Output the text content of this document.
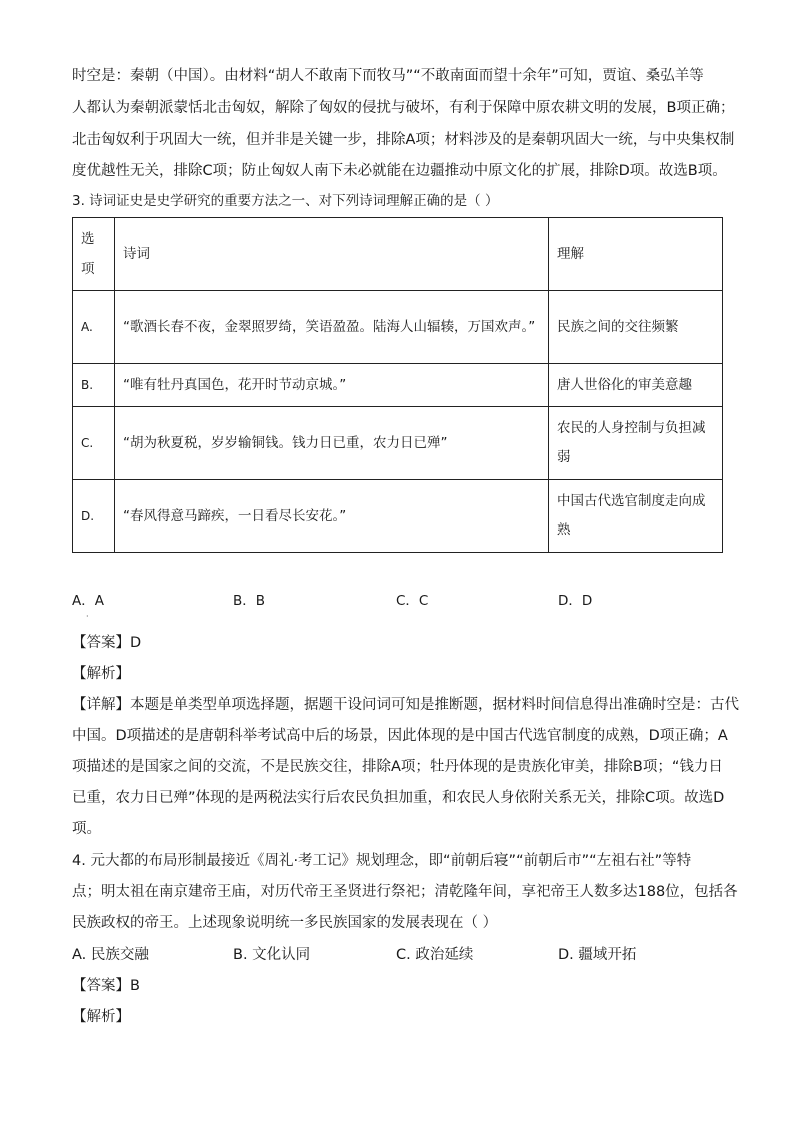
时空是：秦朝（中国）。由材料“胡人不敢南下而牧马”“不敢南面而望十余年”可知，贾谊、桑弘羊等
人都认为秦朝派蒙恬北击匈奴，解除了匈奴的侵扰与破坏，有利于保障中原农耕文明的发展，B项正确；
北击匈奴利于巩固大一统，但并非是关键一步，排除A项；材料涉及的是秦朝巩固大一统，与中央集权制
度优越性无关，排除C项；防止匈奴人南下未必就能在边疆推动中原文化的扩展，排除D项。故选B项。
3. 诗词证史是史学研究的重要方法之一、对下列诗词理解正确的是（ ）
选项	诗词	理解
A.	“歌酒长春不夜，金翠照罗绮，笑语盈盈。陆海人山辐辏，万国欢声。”	民族之间的交往频繁
B.	“唯有牡丹真国色，花开时节动京城。”	唐人世俗化的审美意趣
C.	“胡为秋夏税，岁岁输铜钱。钱力日已重，农力日已殚”	农民的人身控制与负担减弱
D.	“春风得意马蹄疾，一日看尽长安花。”	中国古代选官制度走向成熟
A．A	B．B	C．C	D．D
·
【答案】D
【解析】
【详解】本题是单类型单项选择题，据题干设问词可知是推断题，据材料时间信息得出准确时空是：古代
中国。D项描述的是唐朝科举考试高中后的场景，因此体现的是中国古代选官制度的成熟，D项正确；A
项描述的是国家之间的交流，不是民族交往，排除A项；牡丹体现的是贵族化审美，排除B项；“钱力日
已重，农力日已殚”体现的是两税法实行后农民负担加重，和农民人身依附关系无关，排除C项。故选D
项。
4. 元大都的布局形制最接近《周礼·考工记》规划理念，即“前朝后寝”“前朝后市”“左祖右社”等特
点；明太祖在南京建帝王庙，对历代帝王圣贤进行祭祀；清乾隆年间，享祀帝王人数多达188位，包括各
民族政权的帝王。上述现象说明统一多民族国家的发展表现在（ ）
A. 民族交融	B. 文化认同	C. 政治延续	D. 疆域开拓
【答案】B
【解析】
